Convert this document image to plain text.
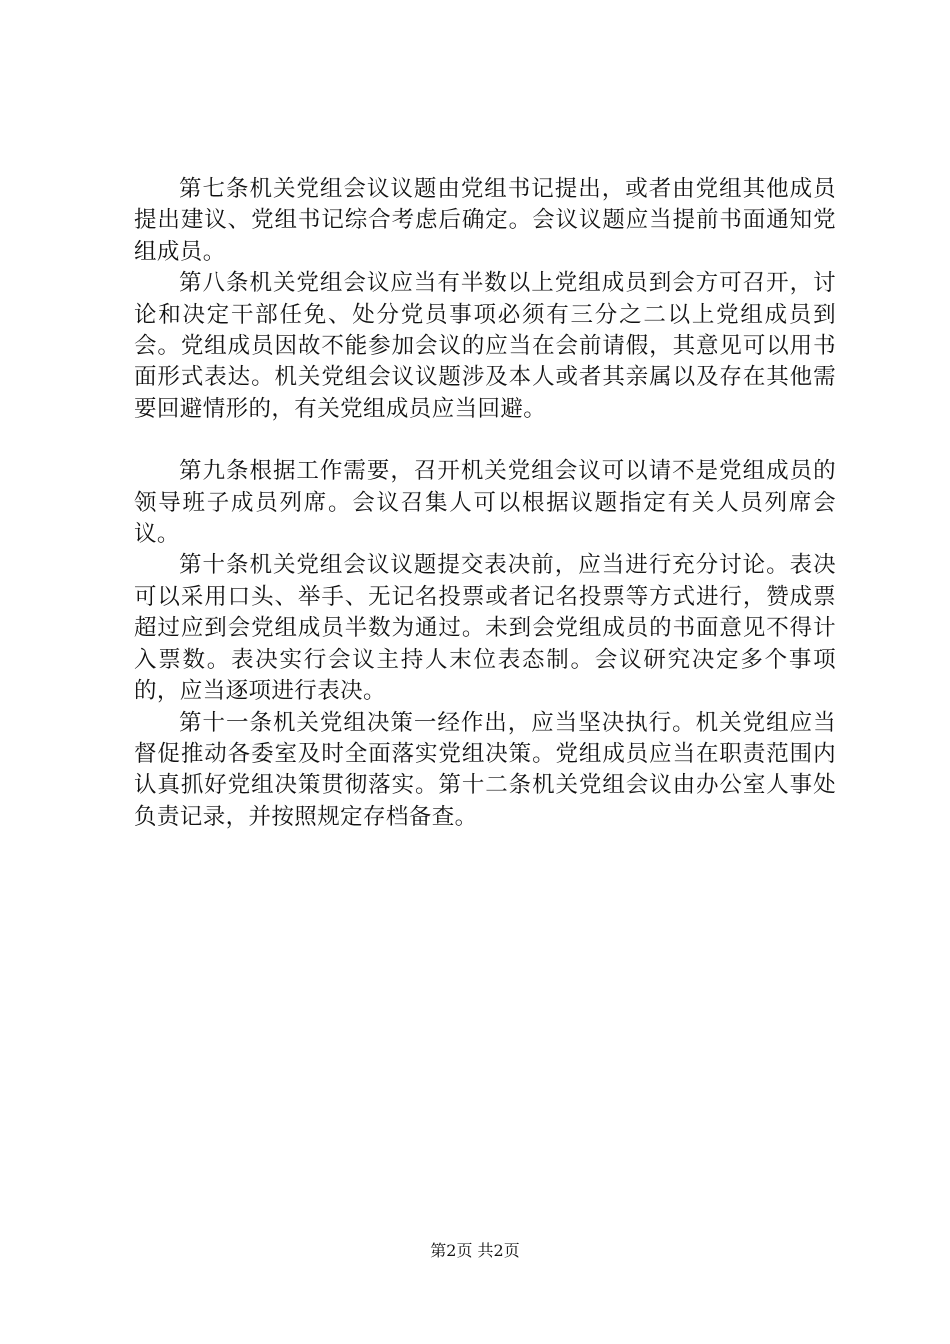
第七条机关党组会议议题由党组书记提出，或者由党组其他成员提出建议、党组书记综合考虑后确定。会议议题应当提前书面通知党组成员。

第八条机关党组会议应当有半数以上党组成员到会方可召开，讨论和决定干部任免、处分党员事项必须有三分之二以上党组成员到会。党组成员因故不能参加会议的应当在会前请假，其意见可以用书面形式表达。机关党组会议议题涉及本人或者其亲属以及存在其他需要回避情形的，有关党组成员应当回避。

第九条根据工作需要，召开机关党组会议可以请不是党组成员的领导班子成员列席。会议召集人可以根据议题指定有关人员列席会议。

第十条机关党组会议议题提交表决前，应当进行充分讨论。表决可以采用口头、举手、无记名投票或者记名投票等方式进行，赞成票超过应到会党组成员半数为通过。未到会党组成员的书面意见不得计入票数。表决实行会议主持人末位表态制。会议研究决定多个事项的，应当逐项进行表决。

第十一条机关党组决策一经作出，应当坚决执行。机关党组应当督促推动各委室及时全面落实党组决策。党组成员应当在职责范围内认真抓好党组决策贯彻落实。第十二条机关党组会议由办公室人事处负责记录，并按照规定存档备查。

第2页 共2页
